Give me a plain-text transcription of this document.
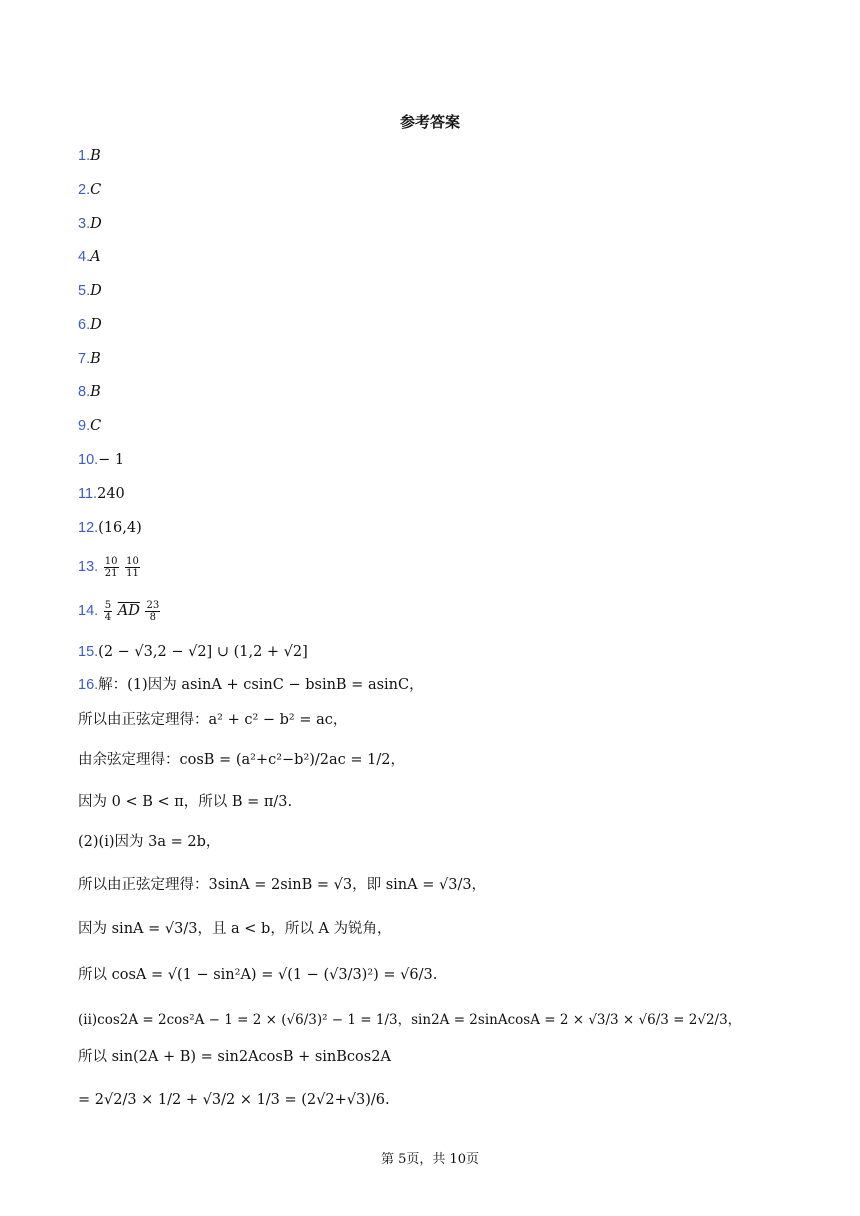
参考答案
1.B
2.C
3.D
4.A
5.D
6.D
7.B
8.B
9.C
10.− 1
11.240
12.(16,4)
13. $\frac{10}{21}$
$\frac{10}{11}$
14. $\frac{5}{4} \overline{AD} \frac{23}{8}$
15.(2 − √3,2 − √2] ∪ (1,2 + √2]
16.解：(1)因为 asinA + csinC − bsinB = asinC，
所以由正弦定理得：a² + c² − b² = ac，
由余弦定理得：cosB = (a²+c²−b²)/2ac = 1/2，
因为 0 < B < π，所以 B = π/3.
(2)(i)因为 3a = 2b，
所以由正弦定理得：3sinA = 2sinB = √3，即 sinA = √3/3，
因为 sinA = √3/3，且 a < b，所以 A 为锐角，
所以 cosA = √(1 − sin²A) = √(1 − (√3/3)²) = √6/3.
(ii)cos2A = 2cos²A − 1 = 2 × (√6/3)² − 1 = 1/3，sin2A = 2sinAcosA = 2 × √3/3 × √6/3 = 2√2/3，
所以 sin(2A + B) = sin2AcosB + sinBcos2A
= 2√2/3 × 1/2 + √3/2 × 1/3 = (2√2+√3)/6.
第 5页，共 10页
